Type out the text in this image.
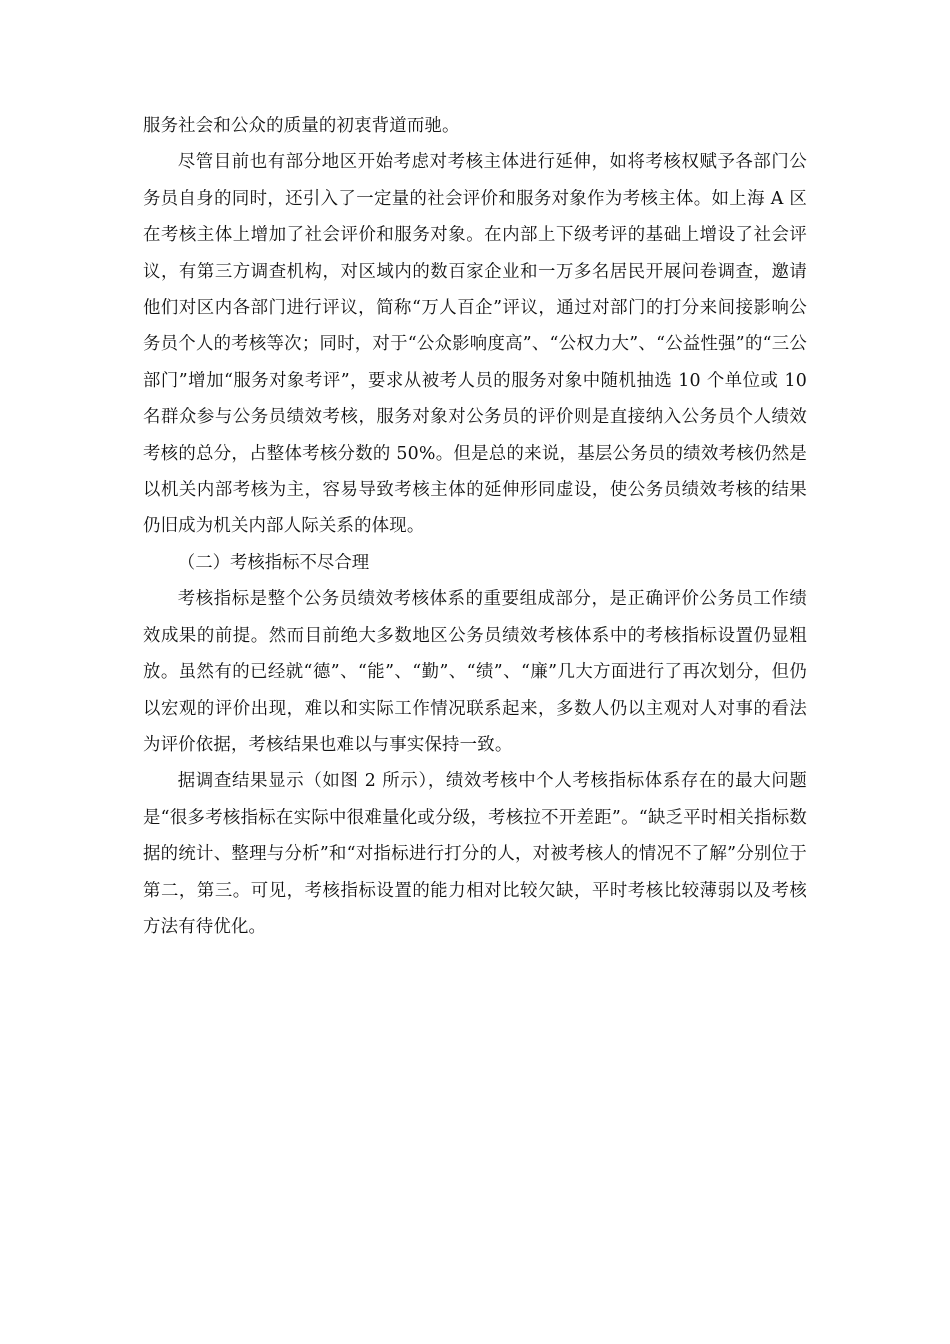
服务社会和公众的质量的初衷背道而驰。

尽管目前也有部分地区开始考虑对考核主体进行延伸，如将考核权赋予各部门公务员自身的同时，还引入了一定量的社会评价和服务对象作为考核主体。如上海 A 区在考核主体上增加了社会评价和服务对象。在内部上下级考评的基础上增设了社会评议，有第三方调查机构，对区域内的数百家企业和一万多名居民开展问卷调查，邀请他们对区内各部门进行评议，简称“万人百企”评议，通过对部门的打分来间接影响公务员个人的考核等次；同时，对于“公众影响度高”、“公权力大”、“公益性强”的“三公部门”增加“服务对象考评”，要求从被考人员的服务对象中随机抽选 10 个单位或 10 名群众参与公务员绩效考核，服务对象对公务员的评价则是直接纳入公务员个人绩效考核的总分，占整体考核分数的 50%。但是总的来说，基层公务员的绩效考核仍然是以机关内部考核为主，容易导致考核主体的延伸形同虚设，使公务员绩效考核的结果仍旧成为机关内部人际关系的体现。

（二）考核指标不尽合理

考核指标是整个公务员绩效考核体系的重要组成部分，是正确评价公务员工作绩效成果的前提。然而目前绝大多数地区公务员绩效考核体系中的考核指标设置仍显粗放。虽然有的已经就“德”、“能”、“勤”、“绩”、“廉”几大方面进行了再次划分，但仍以宏观的评价出现，难以和实际工作情况联系起来，多数人仍以主观对人对事的看法为评价依据，考核结果也难以与事实保持一致。

据调查结果显示（如图 2 所示），绩效考核中个人考核指标体系存在的最大问题是“很多考核指标在实际中很难量化或分级，考核拉不开差距”。“缺乏平时相关指标数据的统计、整理与分析”和“对指标进行打分的人，对被考核人的情况不了解”分别位于第二，第三。可见，考核指标设置的能力相对比较欠缺，平时考核比较薄弱以及考核方法有待优化。
